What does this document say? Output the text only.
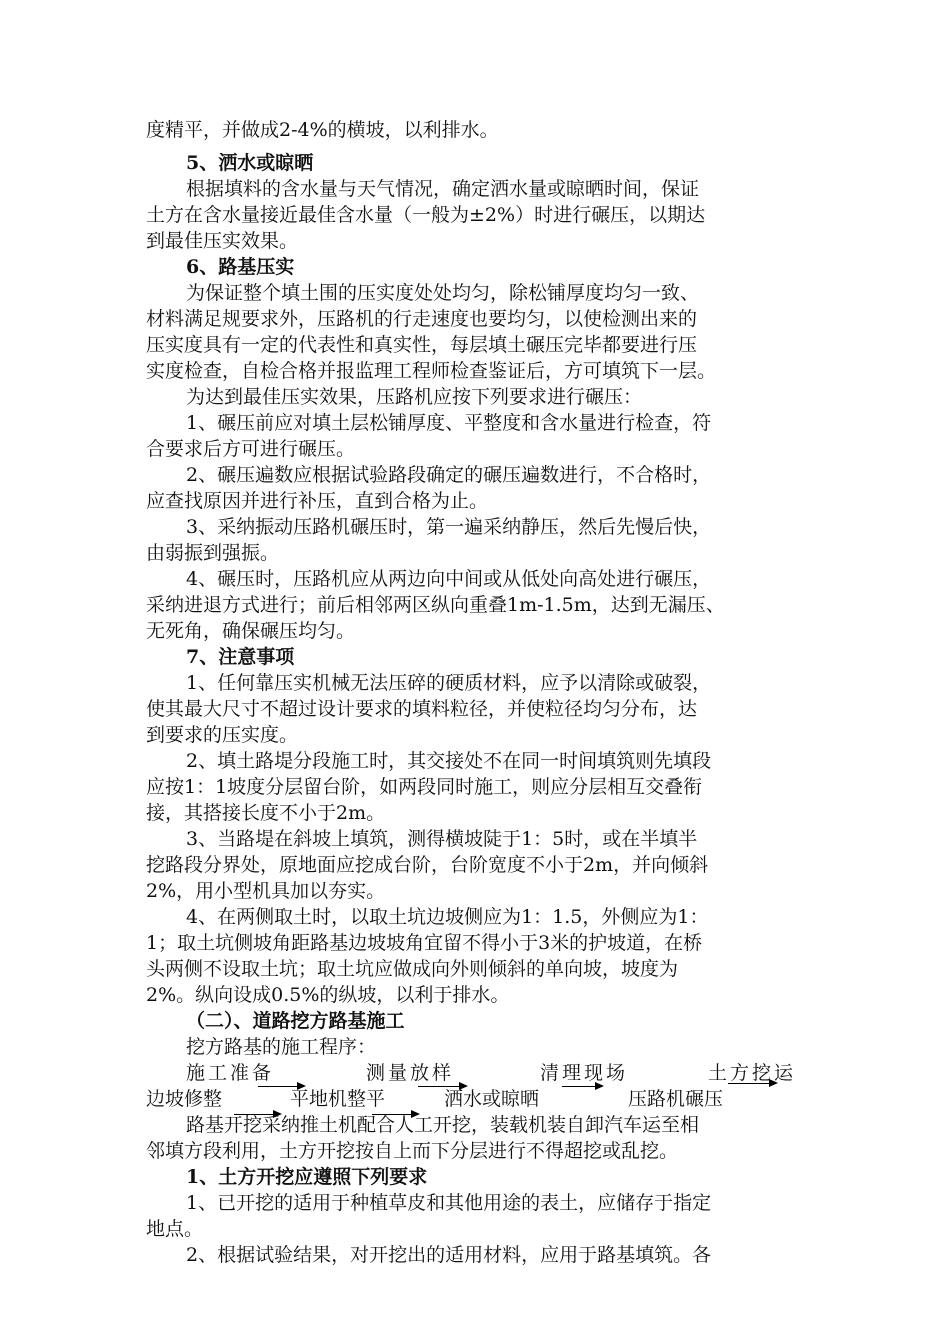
度精平，并做成2-4%的横坡，以利排水。

5、洒水或晾晒

根据填料的含水量与天气情况，确定洒水量或晾晒时间，保证

土方在含水量接近最佳含水量（一般为±2%）时进行碾压，以期达

到最佳压实效果。

6、路基压实

为保证整个填土围的压实度处处均匀，除松铺厚度均匀一致、

材料满足规要求外，压路机的行走速度也要均匀，以使检测出来的

压实度具有一定的代表性和真实性，每层填土碾压完毕都要进行压

实度检查，自检合格并报监理工程师检查鉴证后，方可填筑下一层。

为达到最佳压实效果，压路机应按下列要求进行碾压：

1、碾压前应对填土层松铺厚度、平整度和含水量进行检查，符

合要求后方可进行碾压。

2、碾压遍数应根据试验路段确定的碾压遍数进行，不合格时，

应查找原因并进行补压，直到合格为止。

3、采纳振动压路机碾压时，第一遍采纳静压，然后先慢后快，

由弱振到强振。

4、碾压时，压路机应从两边向中间或从低处向高处进行碾压，

采纳进退方式进行；前后相邻两区纵向重叠1m-1.5m，达到无漏压、

无死角，确保碾压均匀。

7、注意事项

1、任何靠压实机械无法压碎的硬质材料，应予以清除或破裂，

使其最大尺寸不超过设计要求的填料粒径，并使粒径均匀分布，达

到要求的压实度。

2、填土路堤分段施工时，其交接处不在同一时间填筑则先填段

应按1：1坡度分层留台阶，如两段同时施工，则应分层相互交叠衔

接，其搭接长度不小于2m。

3、当路堤在斜坡上填筑，测得横坡陡于1：5时，或在半填半

挖路段分界处，原地面应挖成台阶，台阶宽度不小于2m，并向倾斜

2%，用小型机具加以夯实。

4、在两侧取土时，以取土坑边坡侧应为1：1.5，外侧应为1：

1；取土坑侧坡角距路基边坡坡角宜留不得小于3米的护坡道，在桥

头两侧不设取土坑；取土坑应做成向外则倾斜的单向坡，坡度为

2%。纵向设成0.5%的纵坡，以利于排水。

（二）、道路挖方路基施工

挖方路基的施工程序：

施工准备	测量放样	清理现场	土方挖运
边坡修整	平地机整平	洒水或晾晒	压路机碾压

路基开挖采纳推土机配合人工开挖，装载机装自卸汽车运至相

邻填方段利用，土方开挖按自上而下分层进行不得超挖或乱挖。

1、土方开挖应遵照下列要求

1、已开挖的适用于种植草皮和其他用途的表土，应储存于指定

地点。

2、根据试验结果，对开挖出的适用材料，应用于路基填筑。各
